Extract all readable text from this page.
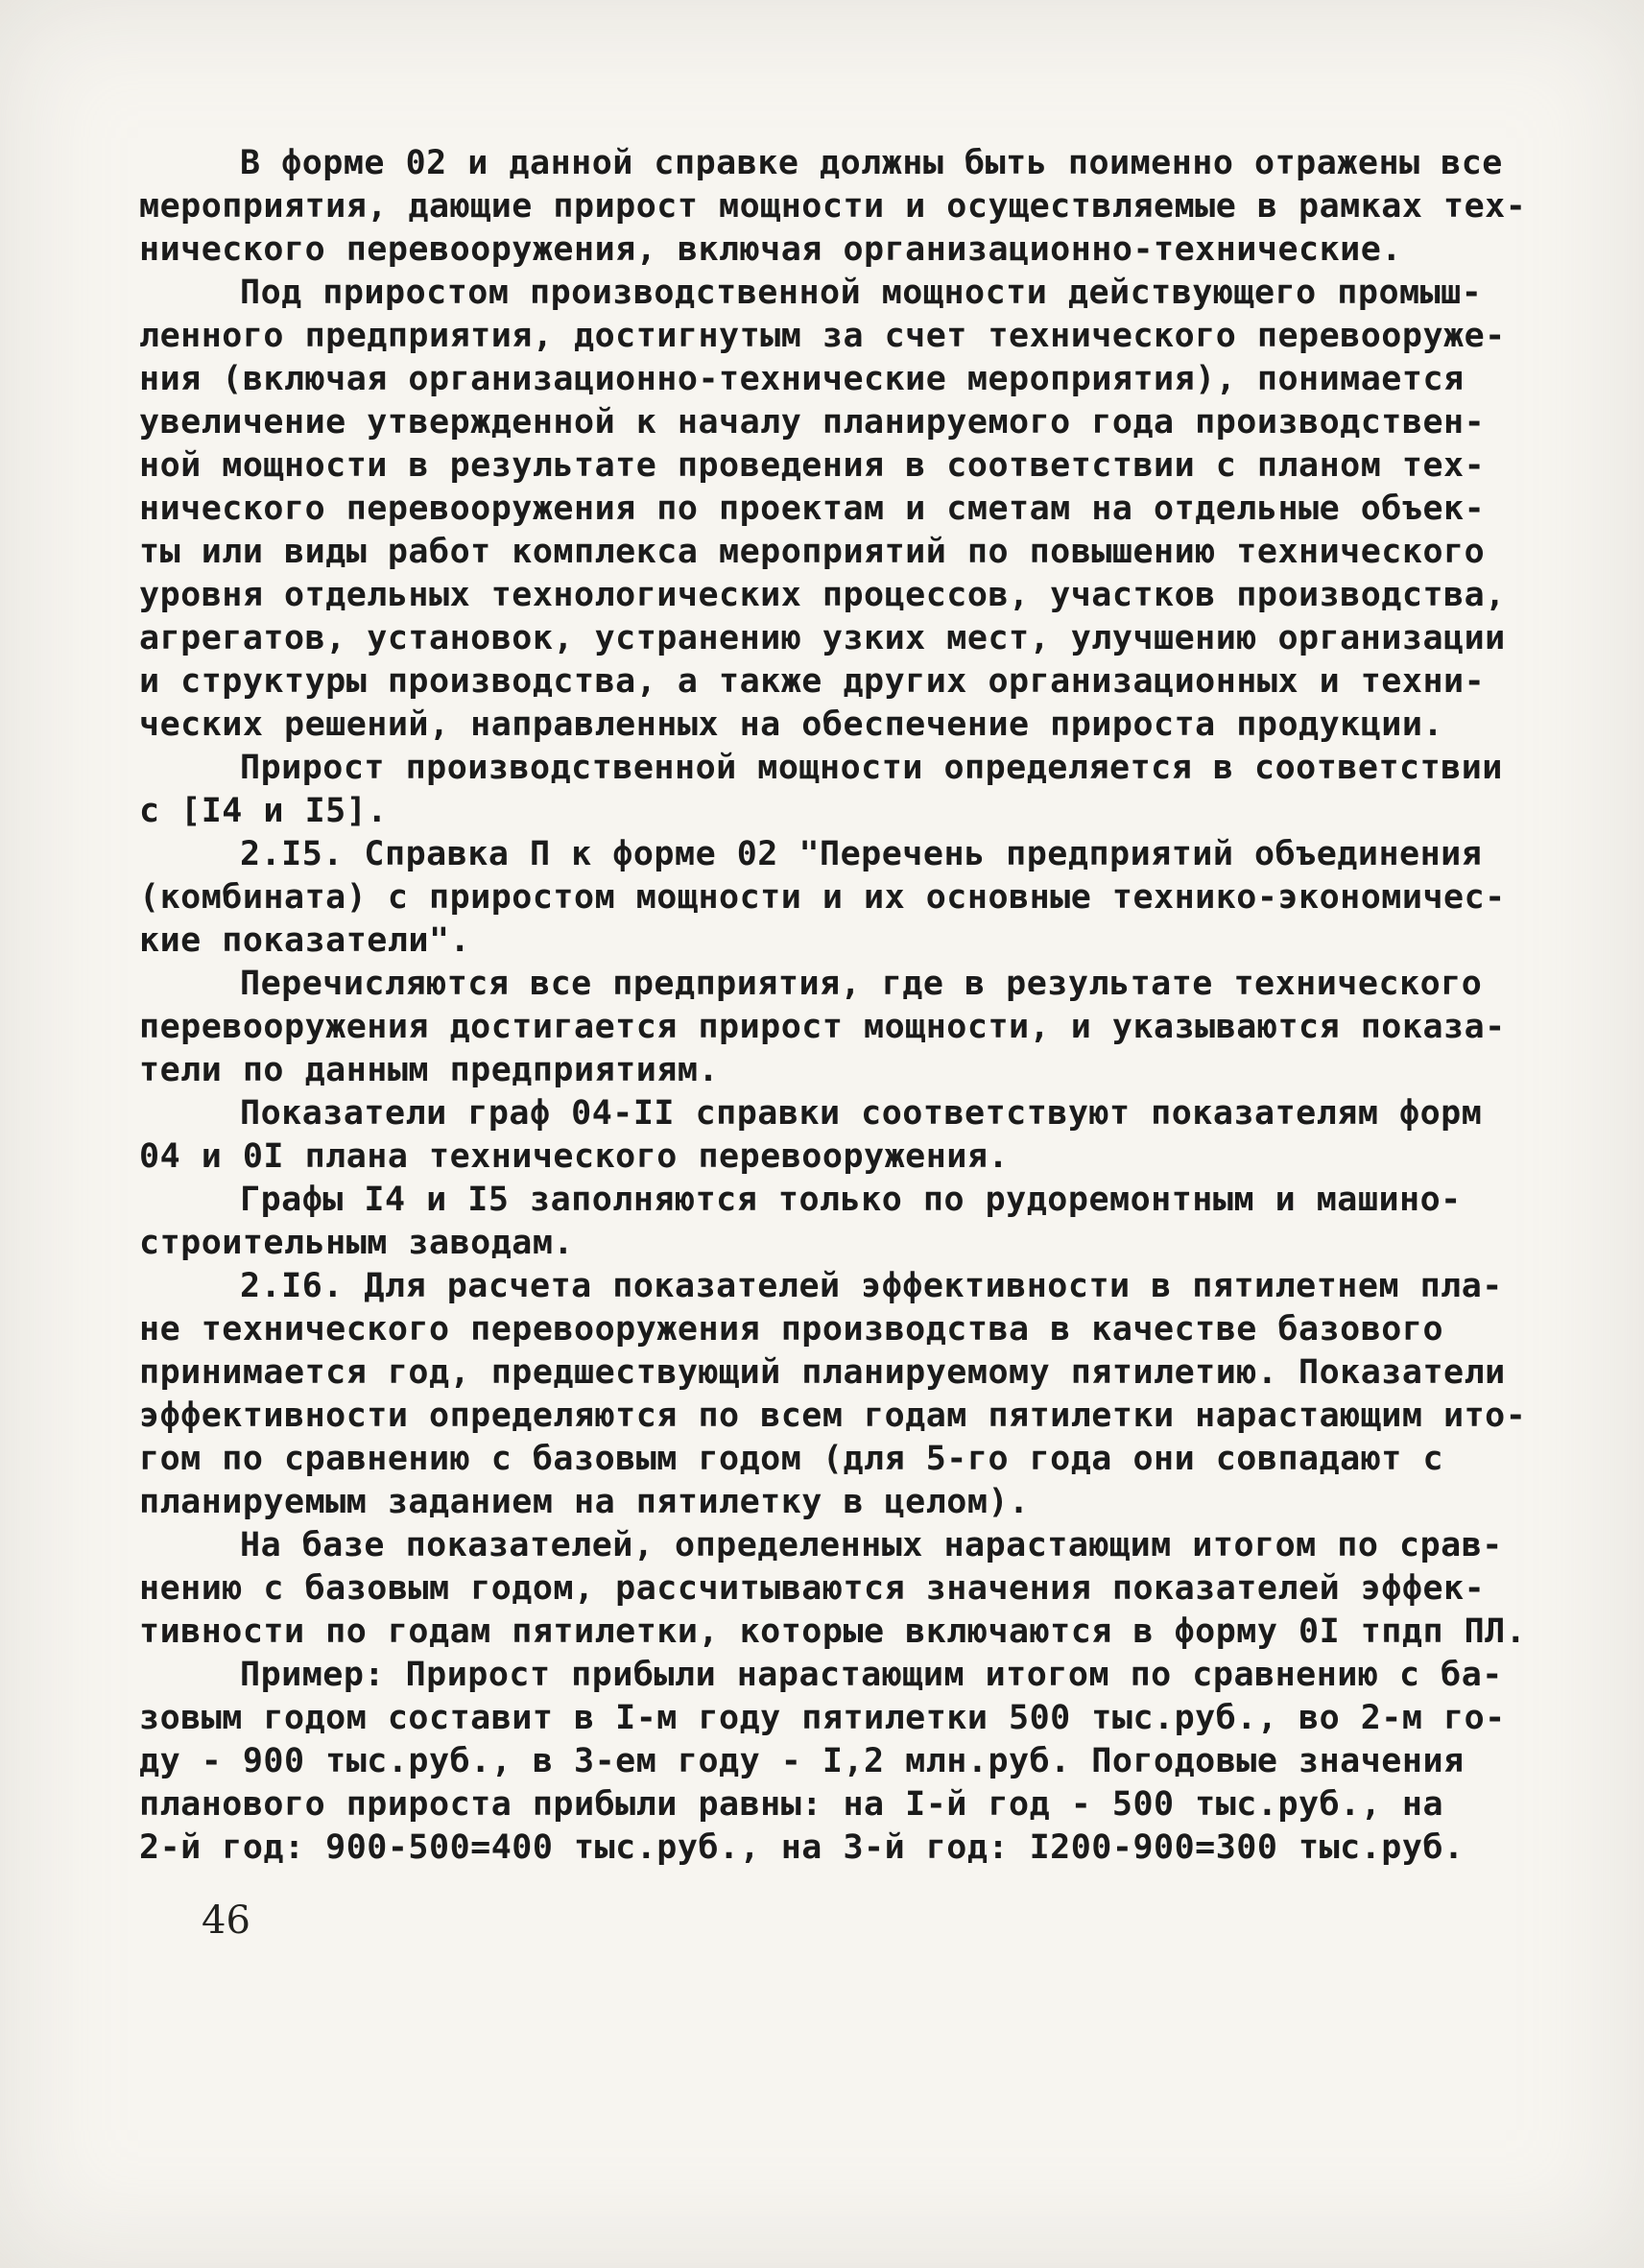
В форме 02 и данной справке должны быть поименно отражены все
мероприятия, дающие прирост мощности и осуществляемые в рамках тех-
нического перевооружения, включая организационно-технические.
Под приростом производственной мощности действующего промыш-
ленного предприятия, достигнутым за счет технического перевооруже-
ния (включая организационно-технические мероприятия), понимается
увеличение утвержденной к началу планируемого года производствен-
ной мощности в результате проведения в соответствии с планом тех-
нического перевооружения по проектам и сметам на отдельные объек-
ты или виды работ комплекса мероприятий по повышению технического
уровня отдельных технологических процессов, участков производства,
агрегатов, установок, устранению узких мест, улучшению организации
и структуры производства, а также других организационных и техни-
ческих решений, направленных на обеспечение прироста продукции.
Прирост производственной мощности определяется в соответствии
с [I4 и I5].
2.I5. Справка П к форме 02 "Перечень предприятий объединения
(комбината) с приростом мощности и их основные технико-экономичес-
кие показатели".
Перечисляются все предприятия, где в результате технического
перевооружения достигается прирост мощности, и указываются показа-
тели по данным предприятиям.
Показатели граф 04-II справки соответствуют показателям форм
04 и 0I плана технического перевооружения.
Графы I4 и I5 заполняются только по рудоремонтным и машино-
строительным заводам.
2.I6. Для расчета показателей эффективности в пятилетнем пла-
не технического перевооружения производства в качестве базового
принимается год, предшествующий планируемому пятилетию. Показатели
эффективности определяются по всем годам пятилетки нарастающим ито-
гом по сравнению с базовым годом (для 5-го года они совпадают с
планируемым заданием на пятилетку в целом).
На базе показателей, определенных нарастающим итогом по срав-
нению с базовым годом, рассчитываются значения показателей эффек-
тивности по годам пятилетки, которые включаются в форму 0I тпдп ПЛ.
Пример: Прирост прибыли нарастающим итогом по сравнению с ба-
зовым годом составит в I-м году пятилетки 500 тыс.руб., во 2-м го-
ду - 900 тыс.руб., в 3-ем году - I,2 млн.руб. Погодовые значения
планового прироста прибыли равны: на I-й год - 500 тыс.руб., на
2-й год: 900-500=400 тыс.руб., на 3-й год: I200-900=300 тыс.руб.
46
